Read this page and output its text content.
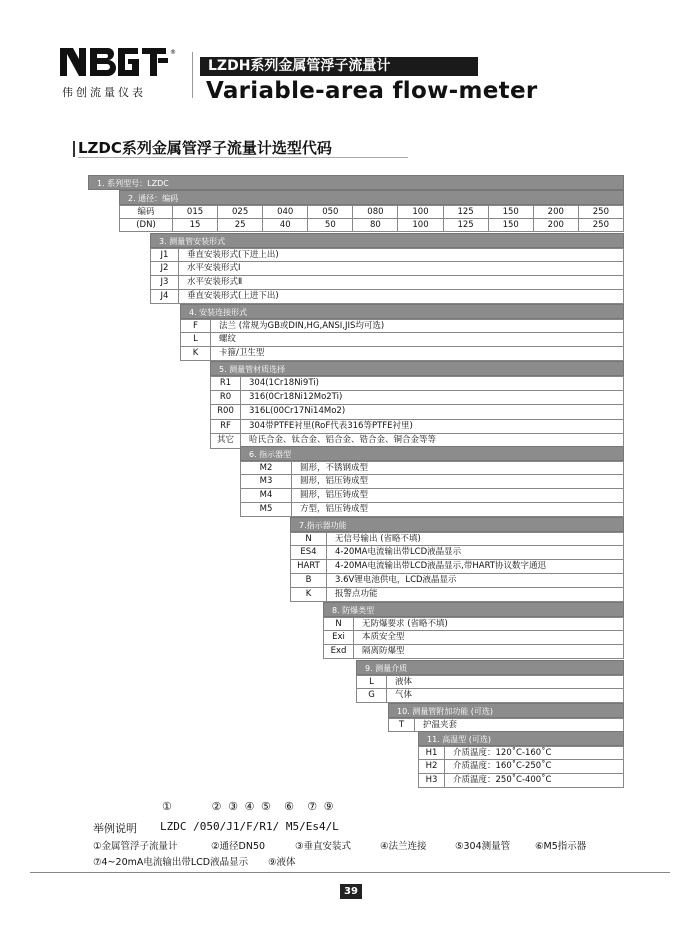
®
伟创流量仪表
LZDH系列金属管浮子流量计
Variable-area flow-meter
LZDC系列金属管浮子流量计选型代码
1. 系列型号：LZDC
2. 通径：编码
编码	015	025	040	050	080	100	125	150	200	250
(DN)	15	25	40	50	80	100	125	150	200	250
3. 测量管安装形式
J1	垂直安装形式(下进上出)
J2	水平安装形式Ⅰ
J3	水平安装形式Ⅱ
J4	垂直安装形式(上进下出)
4. 安装连接形式
F	法兰 (常规为GB或DIN,HG,ANSI,JIS均可选)
L	螺纹
K	卡箍/卫生型
5. 测量管材质选择
R1	304(1Cr18Ni9Ti)
R0	316(0Cr18Ni12Mo2Ti)
R00	316L(00Cr17Ni14Mo2)
RF	304带PTFE衬里(RoF代表316等PTFE衬里)
其它	哈氏合金、钛合金、铝合金、锆合金、铜合金等等
6. 指示器型
M2	圆形，不锈钢成型
M3	圆形，铝压铸成型
M4	圆形，铝压铸成型
M5	方型，铝压铸成型
7.指示器功能
N	无信号输出 (省略不填)
ES4	4-20MA电流输出带LCD液晶显示
HART	4-20MA电流输出带LCD液晶显示,带HART协议数字通迅
B	3.6V锂电池供电，LCD液晶显示
K	报警点功能
8. 防爆类型
N	无防爆要求 (省略不填)
Exi	本质安全型
Exd	隔离防爆型
9. 测量介质
L	液体
G	气体
10. 测量管附加功能 (可选)
T	护温夹套
11. 高温型 (可选)
H1	介质温度：120˚C-160˚C
H2	介质温度：160˚C-250˚C
H3	介质温度：250˚C-400˚C
①      ② ③ ④ ⑤  ⑥  ⑦ ⑨
举例说明 LZDC /050/J1/F/R1/ M5/Es4/L
①金属管浮子流量计	②通径DN50	③垂直安装式	④法兰连接	⑤304测量管	⑥M5指示器
⑦4~20mA电流输出带LCD液晶显示 ⑨液体
39
